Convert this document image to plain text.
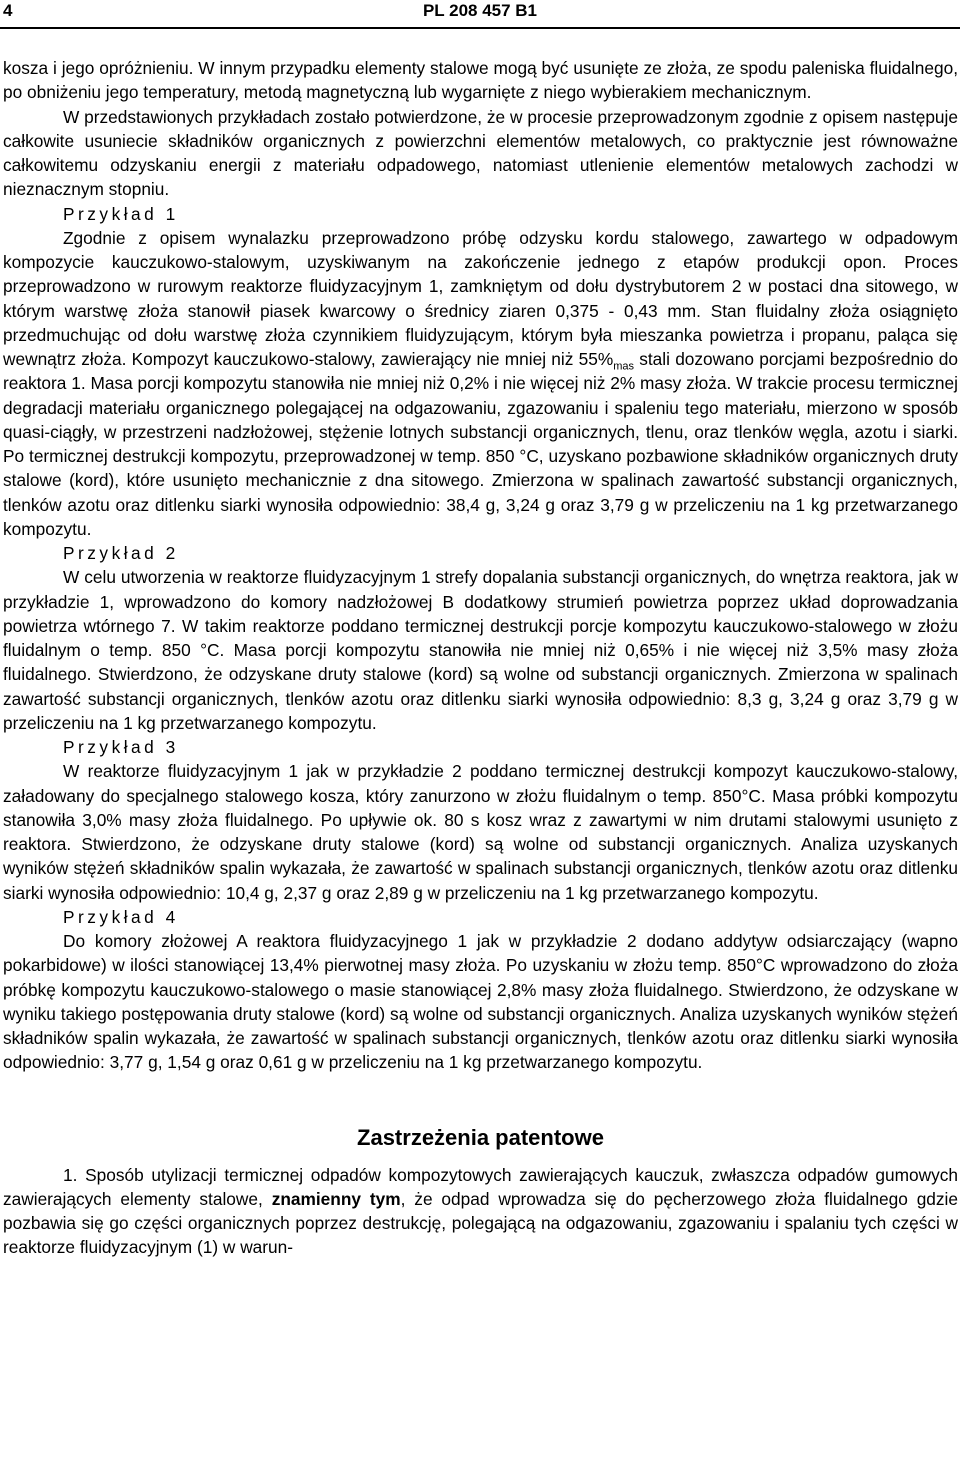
4	PL 208 457 B1

kosza i jego opróżnieniu. W innym przypadku elementy stalowe mogą być usunięte ze złoża, ze spodu paleniska fluidalnego, po obniżeniu jego temperatury, metodą magnetyczną lub wygarnięte z niego wybierakiem mechanicznym.

W przedstawionych przykładach zostało potwierdzone, że w procesie przeprowadzonym zgodnie z opisem następuje całkowite usuniecie składników organicznych z powierzchni elementów metalowych, co praktycznie jest równoważne całkowitemu odzyskaniu energii z materiału odpadowego, natomiast utlenienie elementów metalowych zachodzi w nieznacznym stopniu.

Przykład 1

Zgodnie z opisem wynalazku przeprowadzono próbę odzysku kordu stalowego, zawartego w odpadowym kompozycie kauczukowo-stalowym, uzyskiwanym na zakończenie jednego z etapów produkcji opon. Proces przeprowadzono w rurowym reaktorze fluidyzacyjnym 1, zamkniętym od dołu dystrybutorem 2 w postaci dna sitowego, w którym warstwę złoża stanowił piasek kwarcowy o średnicy ziaren 0,375 - 0,43 mm. Stan fluidalny złoża osiągnięto przedmuchując od dołu warstwę złoża czynnikiem fluidyzującym, którym była mieszanka powietrza i propanu, paląca się wewnątrz złoża. Kompozyt kauczukowo-stalowy, zawierający nie mniej niż $55\%_{mas}$ stali dozowano porcjami bezpośrednio do reaktora 1. Masa porcji kompozytu stanowiła nie mniej niż 0,2% i nie więcej niż 2% masy złoża. W trakcie procesu termicznej degradacji materiału organicznego polegającej na odgazowaniu, zgazowaniu i spaleniu tego materiału, mierzono w sposób quasi-ciągły, w przestrzeni nadzłożowej, stężenie lotnych substancji organicznych, tlenu, oraz tlenków węgla, azotu i siarki. Po termicznej destrukcji kompozytu, przeprowadzonej w temp. 850 °C, uzyskano pozbawione składników organicznych druty stalowe (kord), które usunięto mechanicznie z dna sitowego. Zmierzona w spalinach zawartość substancji organicznych, tlenków azotu oraz ditlenku siarki wynosiła odpowiednio: 38,4 g, 3,24 g oraz 3,79 g w przeliczeniu na 1 kg przetwarzanego kompozytu.

Przykład 2

W celu utworzenia w reaktorze fluidyzacyjnym 1 strefy dopalania substancji organicznych, do wnętrza reaktora, jak w przykładzie 1, wprowadzono do komory nadzłożowej B dodatkowy strumień powietrza poprzez układ doprowadzania powietrza wtórnego 7. W takim reaktorze poddano termicznej destrukcji porcje kompozytu kauczukowo-stalowego w złożu fluidalnym o temp. 850 °C. Masa porcji kompozytu stanowiła nie mniej niż 0,65% i nie więcej niż 3,5% masy złoża fluidalnego. Stwierdzono, że odzyskane druty stalowe (kord) są wolne od substancji organicznych. Zmierzona w spalinach zawartość substancji organicznych, tlenków azotu oraz ditlenku siarki wynosiła odpowiednio: 8,3 g, 3,24 g oraz 3,79 g w przeliczeniu na 1 kg przetwarzanego kompozytu.

Przykład 3

W reaktorze fluidyzacyjnym 1 jak w przykładzie 2 poddano termicznej destrukcji kompozyt kauczukowo-stalowy, załadowany do specjalnego stalowego kosza, który zanurzono w złożu fluidalnym o temp. 850°C. Masa próbki kompozytu stanowiła 3,0% masy złoża fluidalnego. Po upływie ok. 80 s kosz wraz z zawartymi w nim drutami stalowymi usunięto z reaktora. Stwierdzono, że odzyskane druty stalowe (kord) są wolne od substancji organicznych. Analiza uzyskanych wyników stężeń składników spalin wykazała, że zawartość w spalinach substancji organicznych, tlenków azotu oraz ditlenku siarki wynosiła odpowiednio: 10,4 g, 2,37 g oraz 2,89 g w przeliczeniu na 1 kg przetwarzanego kompozytu.

Przykład 4

Do komory złożowej A reaktora fluidyzacyjnego 1 jak w przykładzie 2 dodano addytyw odsiarczający (wapno pokarbidowe) w ilości stanowiącej 13,4% pierwotnej masy złoża. Po uzyskaniu w złożu temp. 850°C wprowadzono do złoża próbkę kompozytu kauczukowo-stalowego o masie stanowiącej 2,8% masy złoża fluidalnego. Stwierdzono, że odzyskane w wyniku takiego postępowania druty stalowe (kord) są wolne od substancji organicznych. Analiza uzyskanych wyników stężeń składników spalin wykazała, że zawartość w spalinach substancji organicznych, tlenków azotu oraz ditlenku siarki wynosiła odpowiednio: 3,77 g, 1,54 g oraz 0,61 g w przeliczeniu na 1 kg przetwarzanego kompozytu.

Zastrzeżenia patentowe

1. Sposób utylizacji termicznej odpadów kompozytowych zawierających kauczuk, zwłaszcza odpadów gumowych zawierających elementy stalowe, znamienny tym, że odpad wprowadza się do pęcherzowego złoża fluidalnego gdzie pozbawia się go części organicznych poprzez destrukcję, polegającą na odgazowaniu, zgazowaniu i spalaniu tych części w reaktorze fluidyzacyjnym (1) w warun-
